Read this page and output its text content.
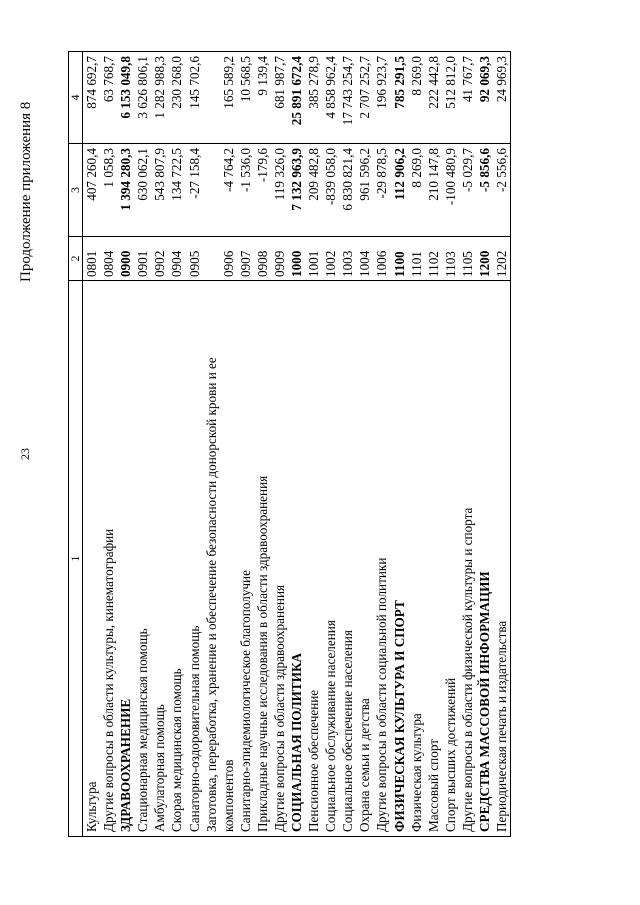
23
Продолжение приложения 8
1	2	3	4
Культура	0801	407 260,4	874 692,7
Другие вопросы в области культуры, кинематографии	0804	1 058,3	63 768,7
ЗДРАВООХРАНЕНИЕ	0900	1 394 280,3	6 153 049,8
Стационарная медицинская помощь	0901	630 062,1	3 626 806,1
Амбулаторная помощь	0902	543 807,9	1 282 988,3
Скорая медицинская помощь	0904	134 722,5	230 268,0
Санаторно-оздоровительная помощь	0905	-27 158,4	145 702,6
Заготовка, переработка, хранение и обеспечение безопасности донорской крови и ее компонентов	0906	-4 764,2	165 589,2
Санитарно-эпидемиологическое благополучие	0907	-1 536,0	10 568,5
Прикладные научные исследования в области здравоохранения	0908	-179,6	9 139,4
Другие вопросы в области здравоохранения	0909	119 326,0	681 987,7
СОЦИАЛЬНАЯ ПОЛИТИКА	1000	7 132 963,9	25 891 672,4
Пенсионное обеспечение	1001	209 482,8	385 278,9
Социальное обслуживание населения	1002	-839 058,0	4 858 962,4
Социальное обеспечение населения	1003	6 830 821,4	17 743 254,7
Охрана семьи и детства	1004	961 596,2	2 707 252,7
Другие вопросы в области социальной политики	1006	-29 878,5	196 923,7
ФИЗИЧЕСКАЯ КУЛЬТУРА И СПОРТ	1100	112 906,2	785 291,5
Физическая культура	1101	8 269,0	8 269,0
Массовый спорт	1102	210 147,8	222 442,8
Спорт высших достижений	1103	-100 480,9	512 812,0
Другие вопросы в области физической культуры и спорта	1105	-5 029,7	41 767,7
СРЕДСТВА МАССОВОЙ ИНФОРМАЦИИ	1200	-5 856,6	92 069,3
Периодическая печать и издательства	1202	-2 556,6	24 969,3
